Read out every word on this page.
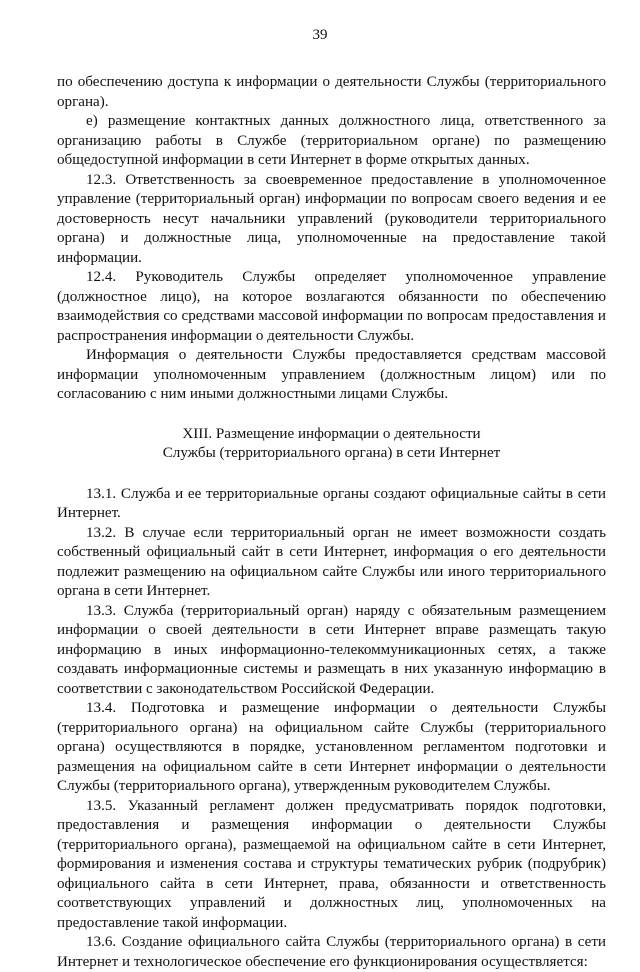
39

по обеспечению доступа к информации о деятельности Службы (территориального органа).

е) размещение контактных данных должностного лица, ответственного за организацию работы в Службе (территориальном органе) по размещению общедоступной информации в сети Интернет в форме открытых данных.

12.3. Ответственность за своевременное предоставление в уполномоченное управление (территориальный орган) информации по вопросам своего ведения и ее достоверность несут начальники управлений (руководители территориального органа) и должностные лица, уполномоченные на предоставление такой информации.

12.4. Руководитель Службы определяет уполномоченное управление (должностное лицо), на которое возлагаются обязанности по обеспечению взаимодействия со средствами массовой информации по вопросам предоставления и распространения информации о деятельности Службы.

Информация о деятельности Службы предоставляется средствам массовой информации уполномоченным управлением (должностным лицом) или по согласованию с ним иными должностными лицами Службы.

XIII. Размещение информации о деятельности
Службы (территориального органа) в сети Интернет

13.1. Служба и ее территориальные органы создают официальные сайты в сети Интернет.

13.2. В случае если территориальный орган не имеет возможности создать собственный официальный сайт в сети Интернет, информация о его деятельности подлежит размещению на официальном сайте Службы или иного территориального органа в сети Интернет.

13.3. Служба (территориальный орган) наряду с обязательным размещением информации о своей деятельности в сети Интернет вправе размещать такую информацию в иных информационно-телекоммуникационных сетях, а также создавать информационные системы и размещать в них указанную информацию в соответствии с законодательством Российской Федерации.

13.4. Подготовка и размещение информации о деятельности Службы (территориального органа) на официальном сайте Службы (территориального органа) осуществляются в порядке, установленном регламентом подготовки и размещения на официальном сайте в сети Интернет информации о деятельности Службы (территориального органа), утвержденным руководителем Службы.

13.5. Указанный регламент должен предусматривать порядок подготовки, предоставления и размещения информации о деятельности Службы (территориального органа), размещаемой на официальном сайте в сети Интернет, формирования и изменения состава и структуры тематических рубрик (подрубрик) официального сайта в сети Интернет, права, обязанности и ответственность соответствующих управлений и должностных лиц, уполномоченных на предоставление такой информации.

13.6. Создание официального сайта Службы (территориального органа) в сети Интернет и технологическое обеспечение его функционирования осуществляется:
